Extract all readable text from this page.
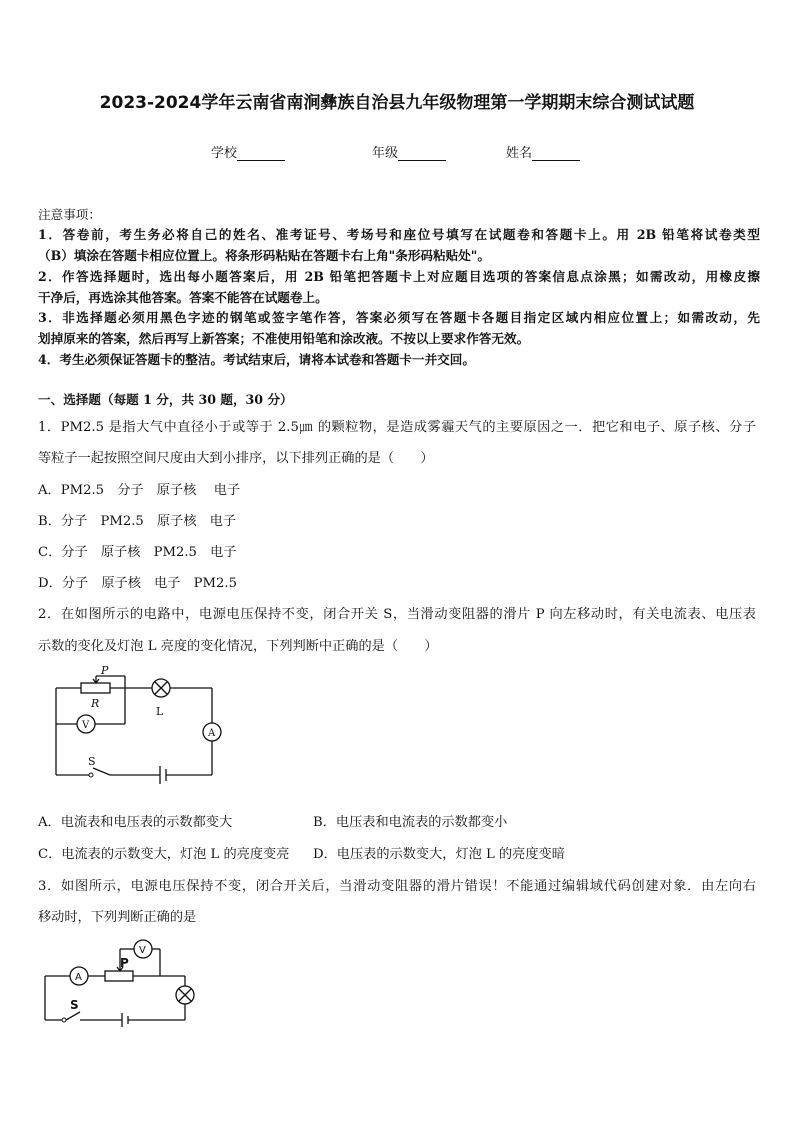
2023-2024学年云南省南涧彝族自治县九年级物理第一学期期末综合测试试题
学校	年级	姓名
注意事项：
1．答卷前，考生务必将自己的姓名、准考证号、考场号和座位号填写在试题卷和答题卡上。用 2B 铅笔将试卷类型
（B）填涂在答题卡相应位置上。将条形码粘贴在答题卡右上角"条形码粘贴处"。
2．作答选择题时，选出每小题答案后，用 2B 铅笔把答题卡上对应题目选项的答案信息点涂黑；如需改动，用橡皮擦
干净后，再选涂其他答案。答案不能答在试题卷上。
3．非选择题必须用黑色字迹的钢笔或签字笔作答，答案必须写在答题卡各题目指定区域内相应位置上；如需改动，先
划掉原来的答案，然后再写上新答案；不准使用铅笔和涂改液。不按以上要求作答无效。
4．考生必须保证答题卡的整洁。考试结束后，请将本试卷和答题卡一并交回。
一、选择题（每题 1 分，共 30 题，30 分）
1．PM2.5 是指大气中直径小于或等于 2.5㎛ 的颗粒物，是造成雾霾天气的主要原因之一．把它和电子、原子核、分子
等粒子一起按照空间尺度由大到小排序，以下排列正确的是（　　）
A．PM2.5　分子　原子核　 电子
B．分子　PM2.5　原子核　电子
C．分子　原子核　PM2.5　电子
D．分子　原子核　电子　PM2.5
2．在如图所示的电路中，电源电压保持不变，闭合开关 S，当滑动变阻器的滑片 P 向左移动时，有关电流表、电压表
示数的变化及灯泡 L 亮度的变化情况，下列判断中正确的是（　　）
P
R
L
V
A
S
A．电流表和电压表的示数都变大	B．电压表和电流表的示数都变小
C．电流表的示数变大，灯泡 L 的亮度变亮 D．电压表的示数变大，灯泡 L 的亮度变暗
3．如图所示，电源电压保持不变，闭合开关后，当滑动变阻器的滑片错误！不能通过编辑域代码创建对象．由左向右
移动时，下列判断正确的是
V
A
P
S
